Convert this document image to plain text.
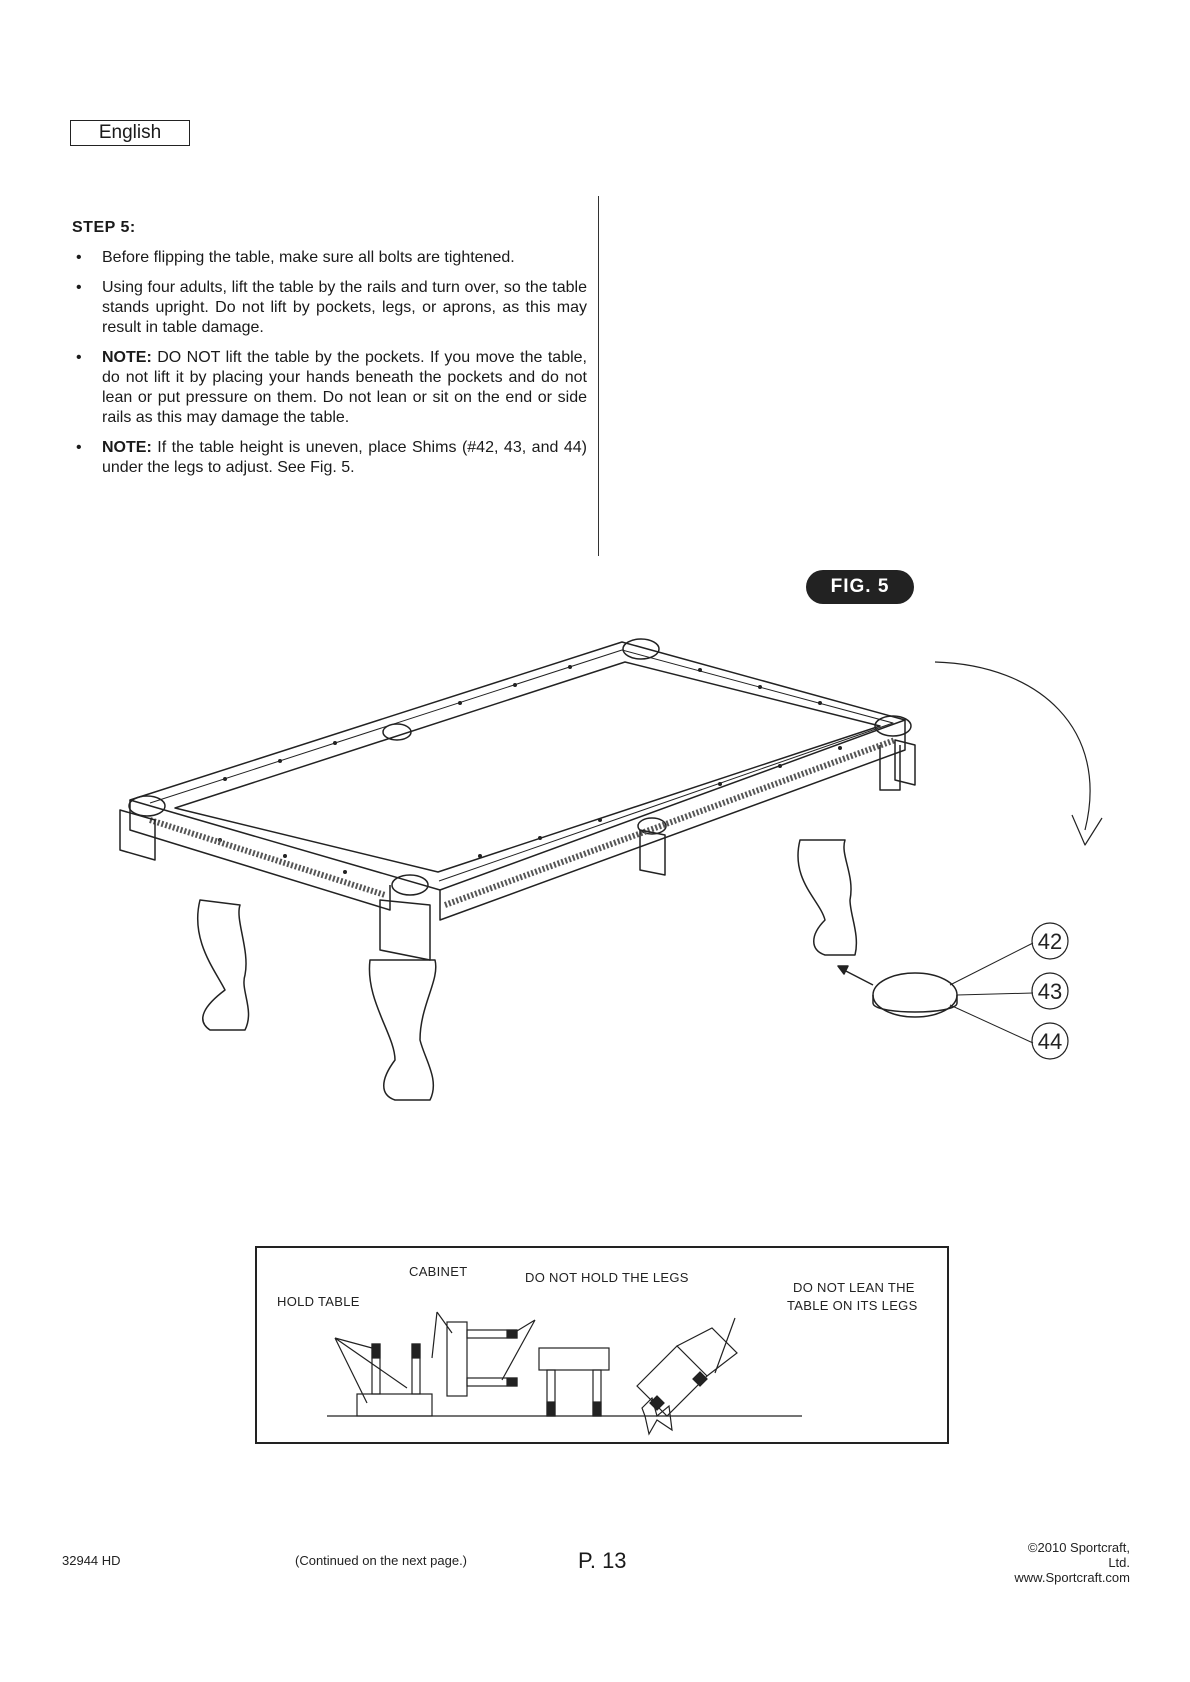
English
STEP 5:
• Before flipping the table, make sure all bolts are tightened.
• Using four adults, lift the table by the rails and turn over, so the table stands upright. Do not lift by pockets, legs, or aprons, as this may result in table damage.
• NOTE: DO NOT lift the table by the pockets. If you move the table, do not lift it by placing your hands beneath the pockets and do not lean or put pressure on them. Do not lean or sit on the end or side rails as this may damage the table.
• NOTE: If the table height is uneven, place Shims (#42, 43, and 44) under the legs to adjust. See Fig. 5.
FIG. 5
42
43
44
CABINET
HOLD TABLE
DO NOT HOLD THE LEGS
DO NOT LEAN THE
TABLE ON ITS LEGS
32944 HD	(Continued on the next page.)	P. 13
©2010 Sportcraft, Ltd.
www.Sportcraft.com
